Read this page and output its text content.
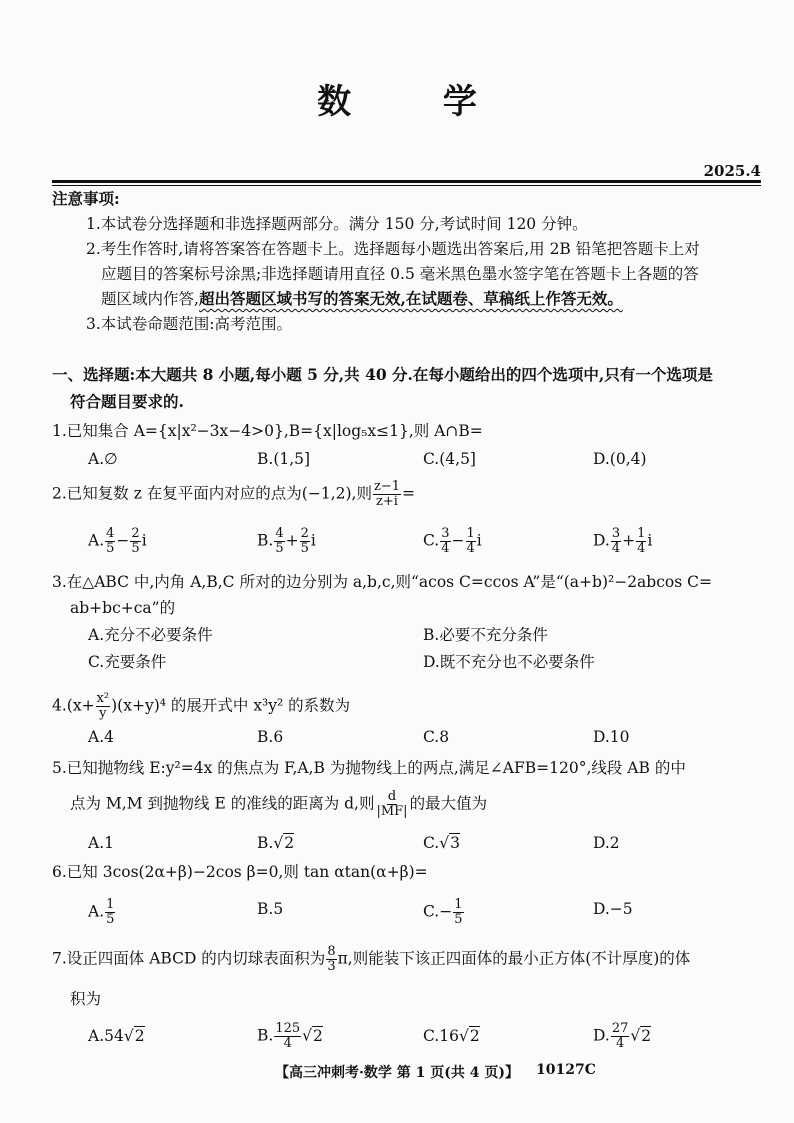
数 学
2025.4
注意事项:
1.本试卷分选择题和非选择题两部分。满分 150 分,考试时间 120 分钟。
2.考生作答时,请将答案答在答题卡上。选择题每小题选出答案后,用 2B 铅笔把答题卡上对
应题目的答案标号涂黑;非选择题请用直径 0.5 毫米黑色墨水签字笔在答题卡上各题的答
题区域内作答,超出答题区域书写的答案无效,在试题卷、草稿纸上作答无效。
3.本试卷命题范围:高考范围。
一、选择题:本大题共 8 小题,每小题 5 分,共 40 分.在每小题给出的四个选项中,只有一个选项是
符合题目要求的.
1.已知集合 A={x|x²−3x−4>0},B={x|log₅x≤1},则 A∩B=
A.∅	B.(1,5]	C.(4,5]	D.(0,4)
2.已知复数 z 在复平面内对应的点为(−1,2),则 $\frac{z-1}{z+i}$ =
A. $\frac{4}{5} - \frac{2}{5}$ i	B. $\frac{4}{5} + \frac{2}{5}$ i	C. $\frac{3}{4} - \frac{1}{4}$ i	D. $\frac{3}{4} + \frac{1}{4}$ i
3.在△ABC 中,内角 A,B,C 所对的边分别为 a,b,c,则“acos C=ccos A”是“(a+b)²−2abcos C=
ab+bc+ca”的
A.充分不必要条件	B.必要不充分条件
C.充要条件	D.既不充分也不必要条件
$4.(x+ \frac{\text{x²}}{y} )(x+y)^4$ 的展开式中 x³y² 的系数为
A.4	B.6	C.8	D.10
5.已知抛物线 E:y²=4x 的焦点为 F,A,B 为抛物线上的两点,满足∠AFB=120°,线段 AB 的中
点为 M,M 到抛物线 E 的准线的距离为 d,则 $\frac{d}{|MF|}$ 的最大值为
A.1	B.√2	C.√3	D.2
6.已知 3cos(2α+β)−2cos β=0,则 tan αtan(α+β)=
A. $\frac{1}{5}$	B.5	$C.- \frac{1}{5}$	D.−5
7.设正四面体 ABCD 的内切球表面积为 $\frac{8}{3} \pi$,则能装下该正四面体的最小正方体(不计厚度)的体
积为
A.54√2	B. $\frac{125}{4} √2$	C.16√2	D. $\frac{27}{4} √2$
【高三冲刺考·数学 第 1 页(共 4 页)】	10127C
